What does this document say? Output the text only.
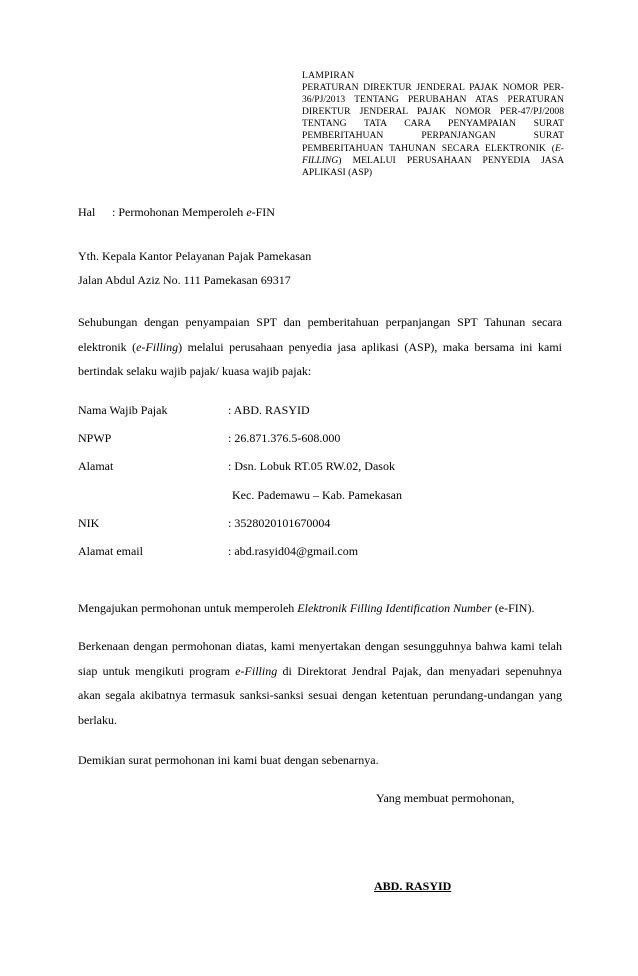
LAMPIRAN
PERATURAN DIREKTUR JENDERAL PAJAK NOMOR PER-36/PJ/2013 TENTANG PERUBAHAN ATAS PERATURAN DIREKTUR JENDERAL PAJAK NOMOR PER-47/PJ/2008 TENTANG TATA CARA PENYAMPAIAN SURAT PEMBERITAHUAN PERPANJANGAN SURAT PEMBERITAHUAN TAHUNAN SECARA ELEKTRONIK (E-FILLING) MELALUI PERUSAHAAN PENYEDIA JASA APLIKASI (ASP)
Hal : Permohonan Memperoleh e-FIN
Yth. Kepala Kantor Pelayanan Pajak Pamekasan
Jalan Abdul Aziz No. 111 Pamekasan 69317
Sehubungan dengan penyampaian SPT dan pemberitahuan perpanjangan SPT Tahunan secara elektronik (e-Filling) melalui perusahaan penyedia jasa aplikasi (ASP), maka bersama ini kami bertindak selaku wajib pajak/ kuasa wajib pajak:
Nama Wajib Pajak	: ABD. RASYID
NPWP	: 26.871.376.5-608.000
Alamat	: Dsn. Lobuk RT.05 RW.02, Dasok
Kec. Pademawu – Kab. Pamekasan
NIK	: 3528020101670004
Alamat email	: abd.rasyid04@gmail.com
Mengajukan permohonan untuk memperoleh Elektronik Filling Identification Number (e-FIN).
Berkenaan dengan permohonan diatas, kami menyertakan dengan sesungguhnya bahwa kami telah siap untuk mengikuti program e-Filling di Direktorat Jendral Pajak, dan menyadari sepenuhnya akan segala akibatnya termasuk sanksi-sanksi sesuai dengan ketentuan perundang-undangan yang berlaku.
Demikian surat permohonan ini kami buat dengan sebenarnya.
Yang membuat permohonan,
ABD. RASYID
